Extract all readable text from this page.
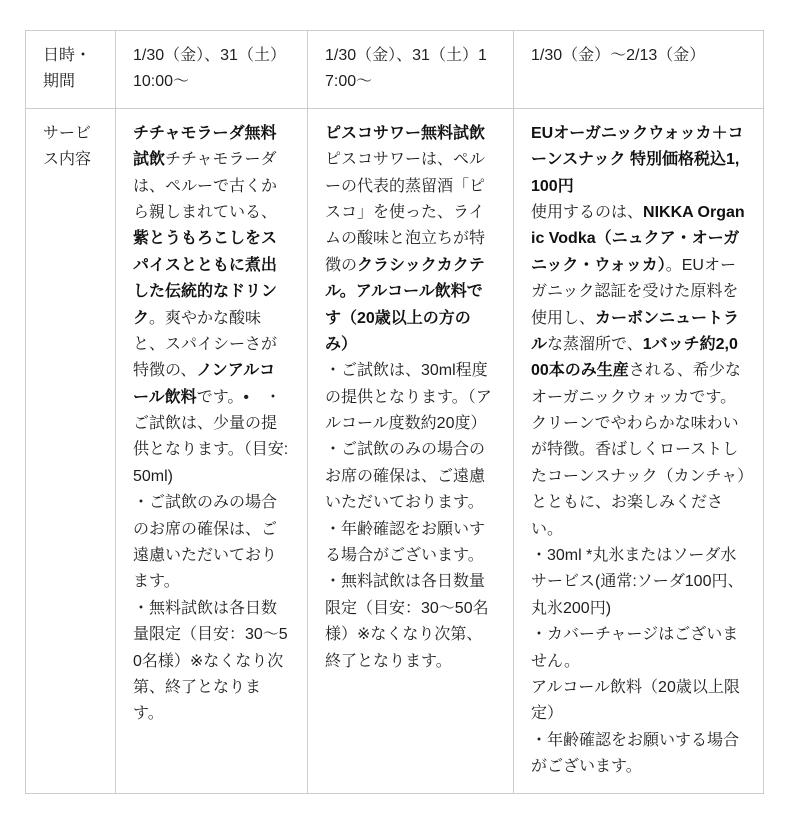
日時・期間	1/30（金）、31（土）10:00〜	1/30（金）、31（土）17:00〜	1/30（金）〜2/13（金）
サービス内容	チチャモラーダ無料試飲チチャモラーダは、ペルーで古くから親しまれている、紫とうもろこしをスパイスとともに煮出した伝統的なドリンク。爽やかな酸味と、スパイシーさが特徴の、ノンアルコール飲料です。•　・
ご試飲は、少量の提供となります。（目安: 50ml)
・ご試飲のみの場合のお席の確保は、ご遠慮いただいております。
・無料試飲は各日数量限定（目安：30〜50名様）※なくなり次第、終了となります。	ピスコサワー無料試飲
ピスコサワーは、ペルーの代表的蒸留酒「ピスコ」を使った、ライムの酸味と泡立ちが特徴のクラシックカクテル。アルコール飲料です（20歳以上の方のみ）
・ご試飲は、30ml程度の提供となります。（アルコール度数約20度）
・ご試飲のみの場合のお席の確保は、ご遠慮いただいております。
・年齢確認をお願いする場合がございます。
・無料試飲は各日数量限定（目安：30〜50名様）※なくなり次第、終了となります。	EUオーガニックウォッカ＋コーンスナック 特別価格税込1,100円
使用するのは、NIKKA Organic Vodka（ニュクア・オーガニック・ウォッカ）。EUオーガニック認証を受けた原料を使用し、カーボンニュートラルな蒸溜所で、1バッチ約2,000本のみ生産される、希少なオーガニックウォッカです。クリーンでやわらかな味わいが特徴。香ばしくローストしたコーンスナック（カンチャ）とともに、お楽しみください。
・30ml *丸氷またはソーダ水サービス(通常:ソーダ100円、丸氷200円)
・カバーチャージはございません。
アルコール飲料（20歳以上限定）
・年齢確認をお願いする場合がございます。
